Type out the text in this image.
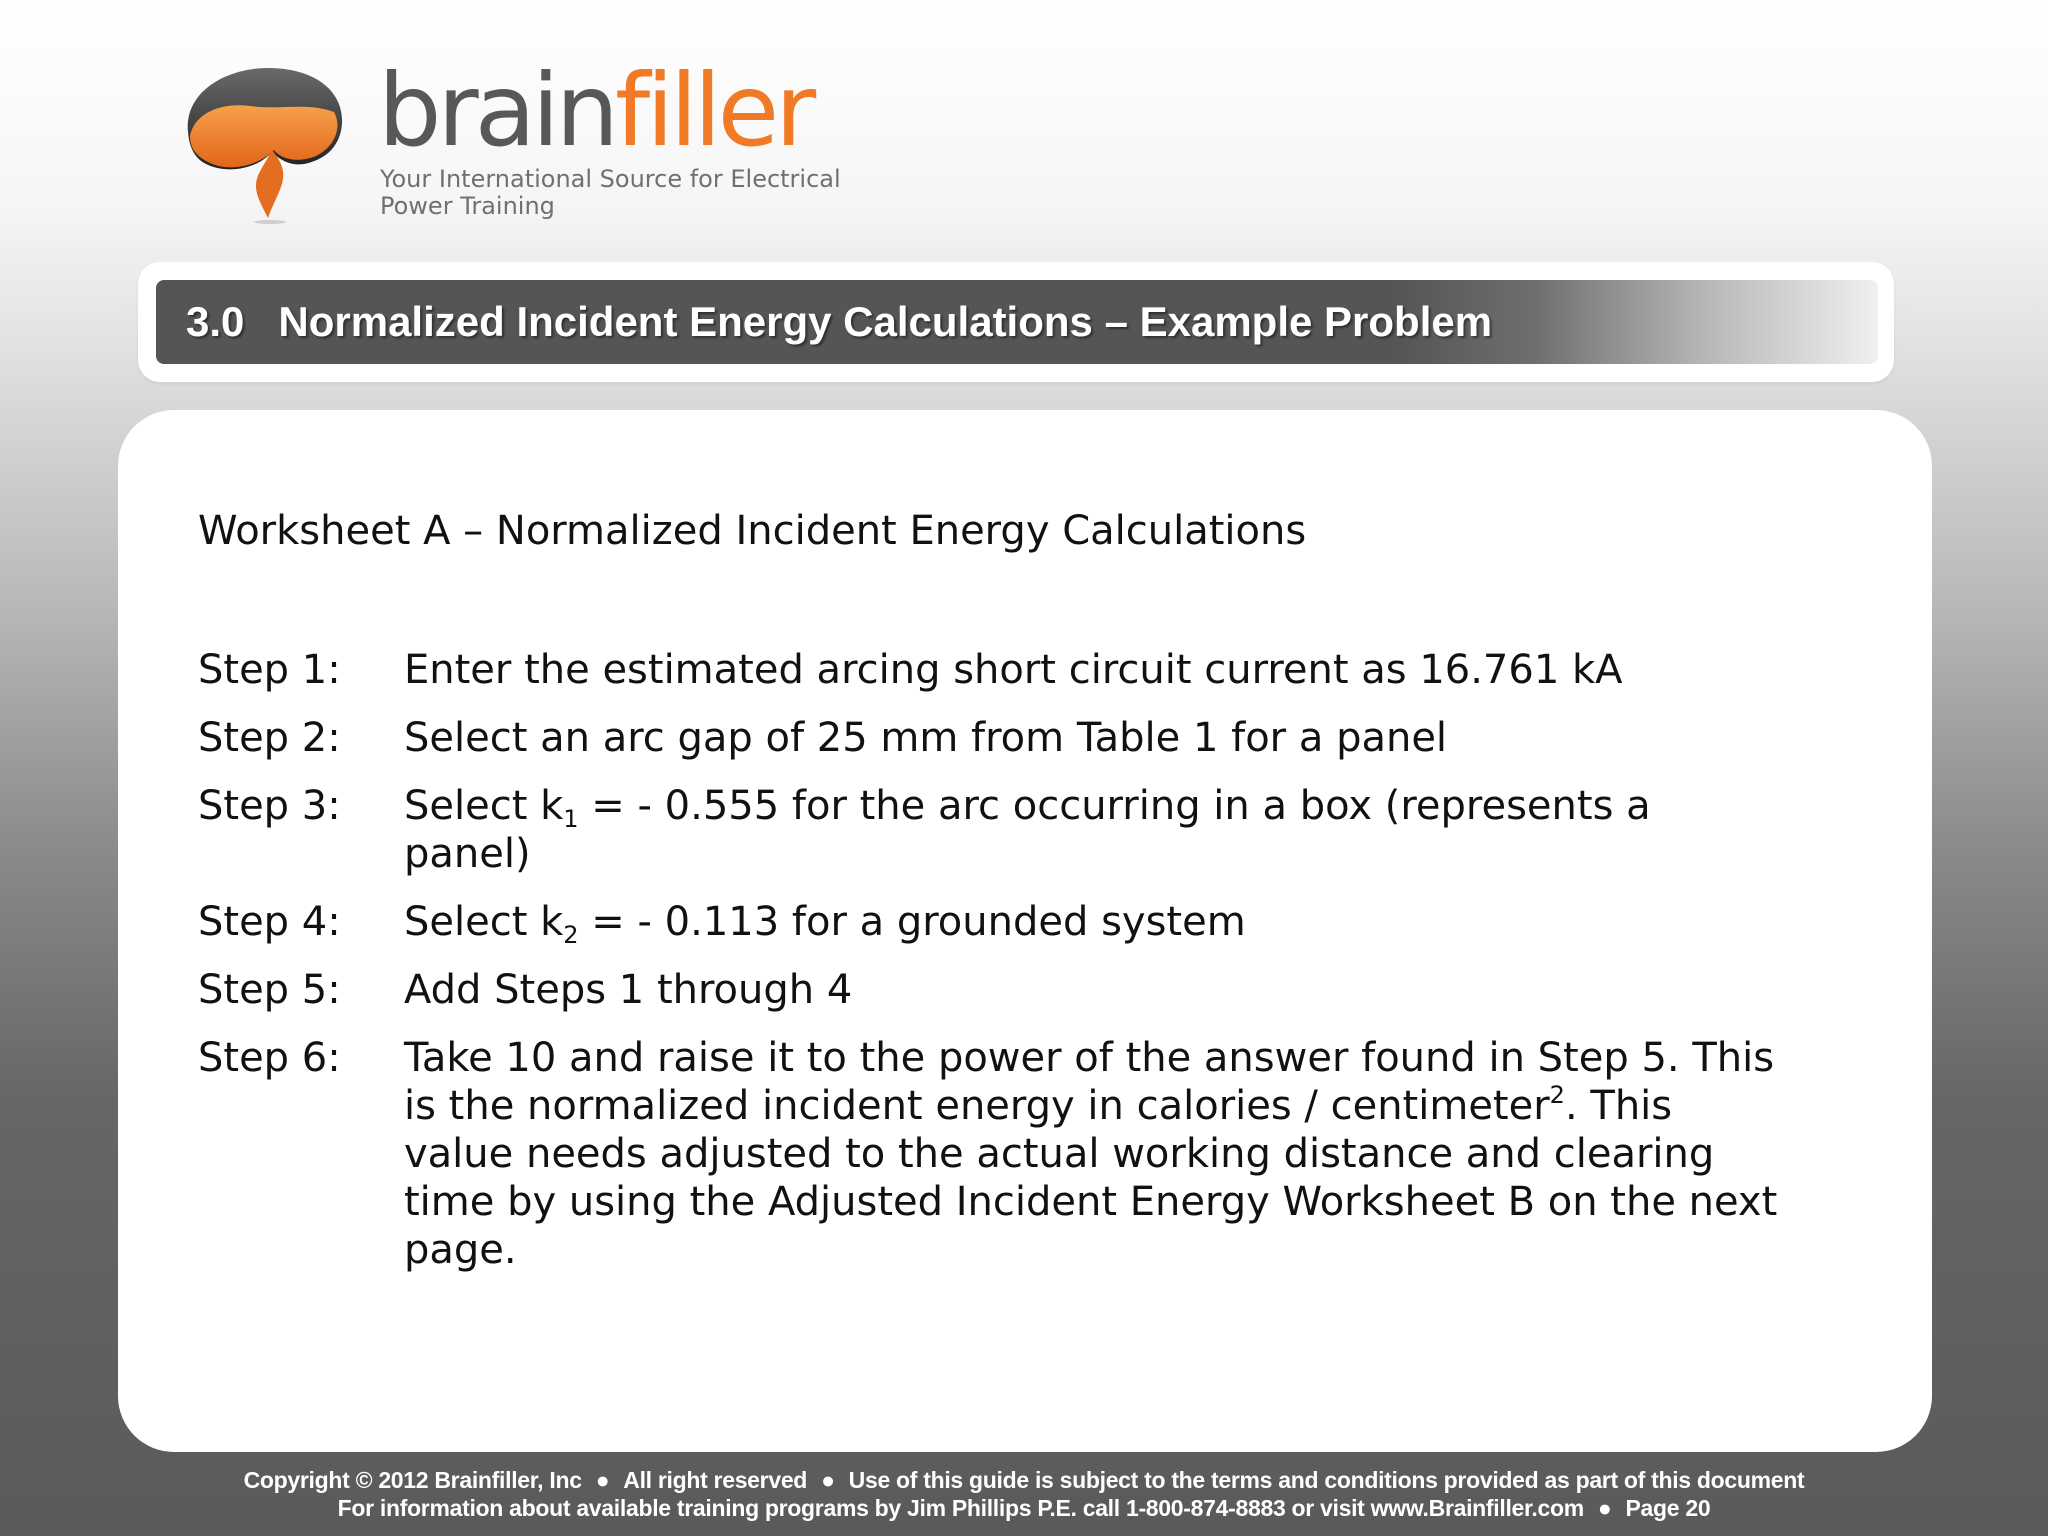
brainfiller
Your International Source for Electrical Power Training
3.0 Normalized Incident Energy Calculations – Example Problem
Worksheet A – Normalized Incident Energy Calculations
Step 1:	Enter the estimated arcing short circuit current as 16.761 kA
Step 2:	Select an arc gap of 25 mm from Table 1 for a panel
Step 3:	Select $k_1$ = - 0.555 for the arc occurring in a box (represents a panel)
Step 4:	Select $k_2$ = - 0.113 for a grounded system
Step 5:	Add Steps 1 through 4
Step 6:	Take 10 and raise it to the power of the answer found in Step 5. This is the normalized incident energy in calories / centimeter$^2$. This value needs adjusted to the actual working distance and clearing time by using the Adjusted Incident Energy Worksheet B on the next page.
Copyright © 2012 Brainfiller, Inc ● All right reserved ● Use of this guide is subject to the terms and conditions provided as part of this document
For information about available training programs by Jim Phillips P.E. call 1-800-874-8883 or visit www.Brainfiller.com ● Page 20
